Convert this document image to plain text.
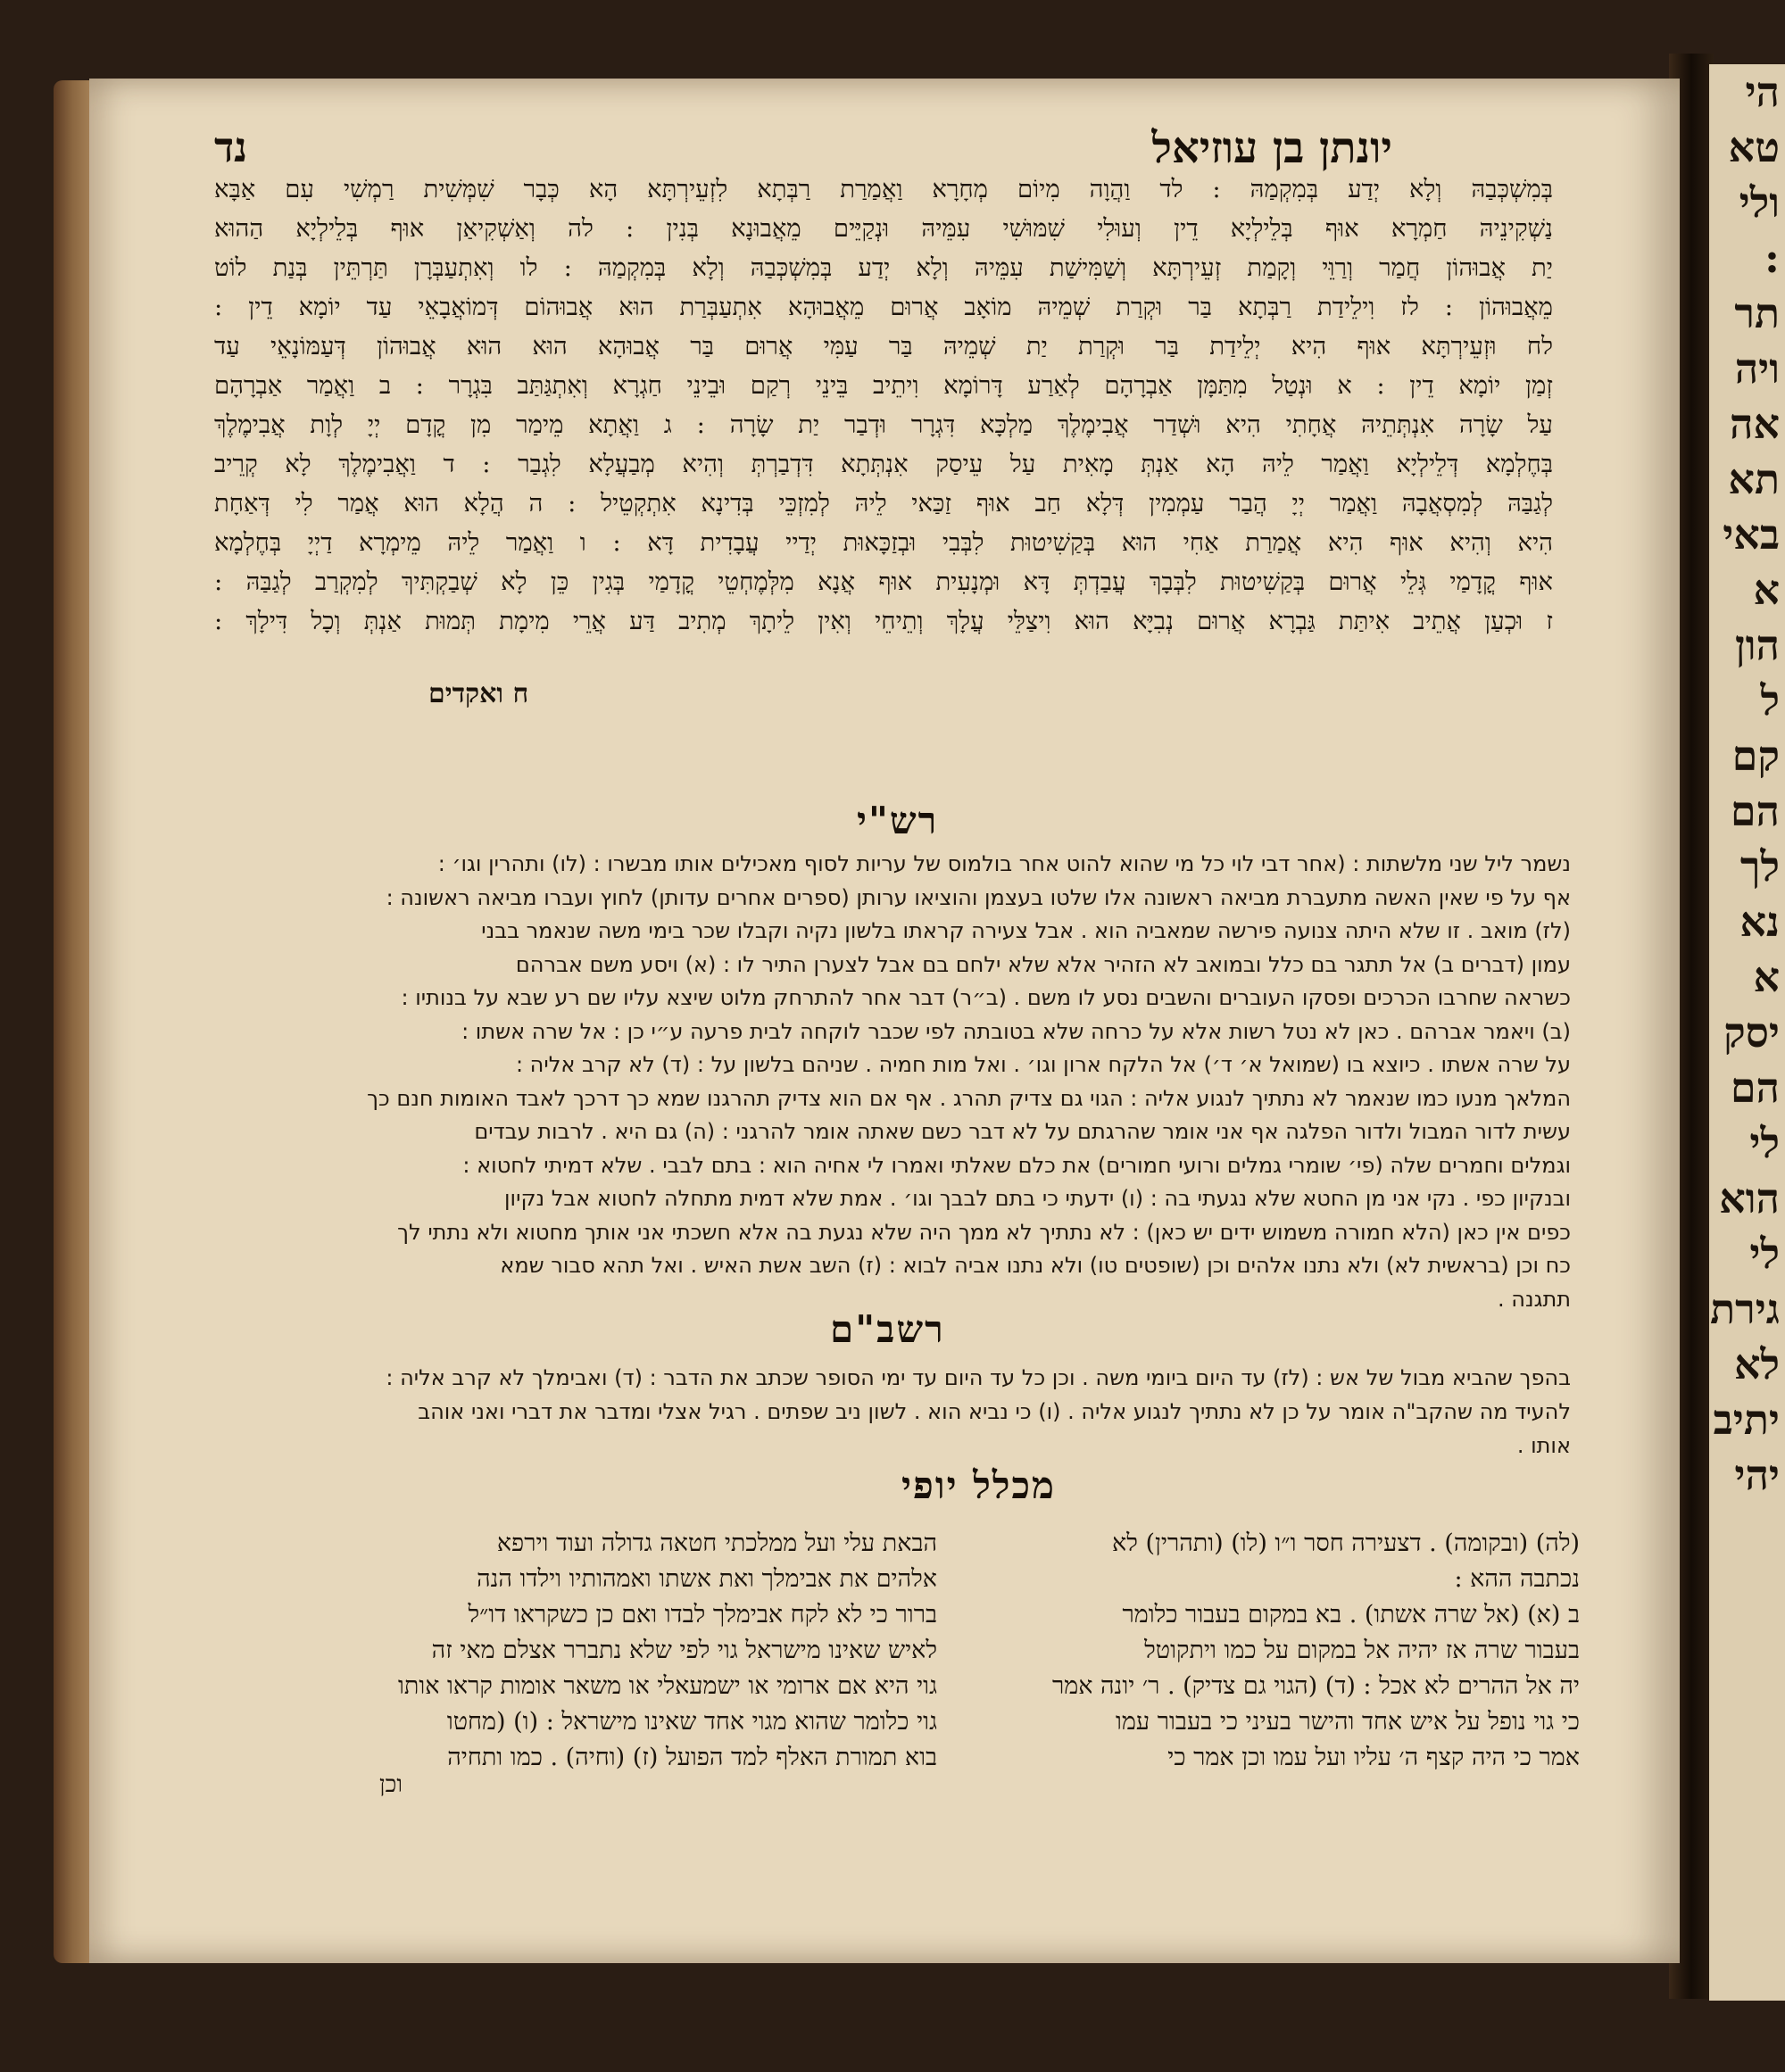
הי
טא
ולי
:
תר
ויה
אה
תא
באי
א
הון
ל
קם
הם
לך
נא
א
יסק
הם
לי
הוא
לי
גירת
לא
יתיב
יהי
יונתן בן עוזיאל
נד
בְּמִשְׁכְּבַהּ וְלָא יְדַע בְּמִקְמַהּ : לד וַהֲוָה מִיוֹם מְחָרָא וַאֲמַרַת רַבְּתָא לִזְעֵירְתָּא הָא כְּבָר שִׁמְּשִׁית רַמְשִׁי עִם אַבָּא
נַשְׁקִינֵיהּ חַמְרָא אוּף בְּלֵילְיָא דֵין וְעוּלִי שִׁמּוּשִׁי עִמֵּיהּ וּנְקַיֵּים מֵאֲבוּנָא בְּנִין : לה וְאַשְׁקִיאַן אוּף בְּלֵילְיָא הַהוּא
יַת אֲבוּהוֹן חֲמַר וְרַוֵּי וְקָמַת זְעֵירְתָּא וְשַׁמִּישַׁת עִמֵּיהּ וְלָא יְדַע בְּמִשְׁכְּבַהּ וְלָא בְּמִקְמַהּ : לו וְאִתְעַבְּרָן תַּרְתֵּין בְּנַת לוֹט
מֵאֲבוּהוֹן : לז וִילֵידַת רַבְּתָא בַּר וּקְרַת שְׁמֵיהּ מוֹאָב אֲרוּם מֵאֲבוּהָא אִתְעַבְּרַת הוּא אֲבוּהוֹם דְּמוֹאֲבָאֵי עַד יוֹמָא דֵין :
לח וּזְעֵירְתָּא אוּף הִיא יְלֵידַת בַּר וּקְרַת יַת שְׁמֵיהּ בַּר עַמִּי אֲרוּם בַּר אֲבוּהָא הוּא הוּא אֲבוּהוֹן דְּעַמּוֹנָאֵי עַד
זְמַן יוֹמָא דֵין : א וּנְטַל מִתַּמָּן אַבְרָהָם לְאַרַע דָּרוֹמָא וִיתֵיב בֵּינֵי רְקַם וּבֵינֵי חַגְרָא וְאִתְגַּתַּב בִּגְרָר : ב וַאֲמַר אַבְרָהָם
עַל שָׂרָה אִנְתְּתֵיהּ אֲחָתִי הִיא וּשְׁדַר אֲבִימֶלֶךְ מַלְכָּא דִּגְרָר וּדְבַר יַת שָׂרָה : ג וַאֲתָא מֵימַר מִן קֳדָם יְיָ לְוָת אֲבִימֶלֶךְ
בְּחֶלְמָא דְּלֵילְיָא וַאֲמַר לֵיהּ הָא אַנְתְּ מָאִית עַל עֵיסַק אִנְתְּתָא דִּדְבַרְתְּ וְהִיא מְבַעֲלָא לִגְבַר : ד וַאֲבִימֶלֶךְ לָא קְרֵיב
לְגַבַּהּ לְמִסְאֲבָהּ וַאֲמַר יְיָ הֲבַר עַמְמִין דְּלָא חַב אוּף זַכַּאי לֵיהּ לְמִזְכֵּי בְּדִינָא אִתְקְטֵיל : ה הֲלָא הוּא אֲמַר לִי דְּאַחָת
הִיא וְהִיא אוּף הִיא אֲמַרַת אַחִי הוּא בְּקַשִׁיטוּת לִבְּבִי וּבְזַכָּאוּת יְדַיי עֲבָדִית דָּא : ו וַאֲמַר לֵיהּ מֵימְרָא דַיְיָ בְּחֶלְמָא
אוּף קֳדָמַי גְּלֵי אֲרוּם בְּקַשִׁיטוּת לִבְּבָךְ עֲבַדְתְּ דָּא וּמְנָעִית אוּף אֲנָא מִלְּמֶחְטֵי קֳדָמַי בְּגִין כֵּן לָא שְׁבַקְתִּיךְ לְמִקְרַב לְגַבַּהּ :
ז וּכְעַן אֲתֵיב אִיתַּת גַּבְרָא אֲרוּם נְבִיָּא הוּא וִיצַלֵּי עֲלָךְ וְתֵיחֵי וְאִין לֵיתָךְ מְתִיב דַּע אֲרֵי מִימָת תְּמוּת אַנְתְּ וְכָל דִּילָךְ :
ח ואקדים
רש"י
נשמר ליל שני מלשתות : (אחר דבי לוי כל מי שהוא להוט אחר בולמוס של עריות לסוף מאכילים אותו מבשרו : (לו) ותהרין וגו׳ :
אף על פי שאין האשה מתעברת מביאה ראשונה אלו שלטו בעצמן והוציאו ערותן (ספרים אחרים עדותן) לחוץ ועברו מביאה ראשונה :
(לז) מואב . זו שלא היתה צנועה פירשה שמאביה הוא . אבל צעירה קראתו בלשון נקיה וקבלו שכר בימי משה שנאמר בבני
עמון (דברים ב) אל תתגר בם כלל ובמואב לא הזהיר אלא שלא ילחם בם אבל לצערן התיר לו : (א) ויסע משם אברהם
כשראה שחרבו הכרכים ופסקו העוברים והשבים נסע לו משם . (ב״ר) דבר אחר להתרחק מלוט שיצא עליו שם רע שבא על בנותיו :
(ב) ויאמר אברהם . כאן לא נטל רשות אלא על כרחה שלא בטובתה לפי שכבר לוקחה לבית פרעה ע״י כן : אל שרה אשתו :
על שרה אשתו . כיוצא בו (שמואל א׳ ד׳) אל הלקח ארון וגו׳ . ואל מות חמיה . שניהם בלשון על : (ד) לא קרב אליה :
המלאך מנעו כמו שנאמר לא נתתיך לנגוע אליה : הגוי גם צדיק תהרג . אף אם הוא צדיק תהרגנו שמא כך דרכך לאבד האומות חנם כך
עשית לדור המבול ולדור הפלגה אף אני אומר שהרגתם על לא דבר כשם שאתה אומר להרגני : (ה) גם היא . לרבות עבדים
וגמלים וחמרים שלה (פי׳ שומרי גמלים ורועי חמורים) את כלם שאלתי ואמרו לי אחיה הוא : בתם לבבי . שלא דמיתי לחטוא :
ובנקיון כפי . נקי אני מן החטא שלא נגעתי בה : (ו) ידעתי כי בתם לבבך וגו׳ . אמת שלא דמית מתחלה לחטוא אבל נקיון
כפים אין כאן (הלא חמורה משמוש ידים יש כאן) : לא נתתיך לא ממך היה שלא נגעת בה אלא חשכתי אני אותך מחטוא ולא נתתי לך
כח וכן (בראשית לא) ולא נתנו אלהים וכן (שופטים טו) ולא נתנו אביה לבוא : (ז) השב אשת האיש . ואל תהא סבור שמא
תתגנה .
רשב"ם
בהפך שהביא מבול של אש : (לז) עד היום ביומי משה . וכן כל עד היום עד ימי הסופר שכתב את הדבר : (ד) ואבימלך לא קרב אליה :
להעיד מה שהקב"ה אומר על כן לא נתתיך לנגוע אליה . (ו) כי נביא הוא . לשון ניב שפתים . רגיל אצלי ומדבר את דברי ואני אוהב
אותו .
מכלל יופי
(לה) (ובקומה) . דצעירה חסר ו״ו (לו) (ותהרין) לא
נכתבה ההא :
ב (א) (אל שרה אשתו) . בא במקום בעבור כלומר
בעבור שרה אז יהיה אל במקום על כמו ויתקוטל
יה אל ההרים לא אכל : (ד) (הגוי גם צדיק) . ר׳ יונה אמר
כי גוי נופל על איש אחד והישר בעיני כי בעבור עמו
אמר כי היה קצף ה׳ עליו ועל עמו וכן אמר כי
הבאת עלי ועל ממלכתי חטאה גדולה ועוד וירפא
אלהים את אבימלך ואת אשתו ואמהותיו וילדו הנה
ברור כי לא לקח אבימלך לבדו ואם כן כשקראו דו״ל
לאיש שאינו מישראל גוי לפי שלא נתברר אצלם מאי זה
גוי היא אם ארומי או ישמעאלי או משאר אומות קראו אותו
גוי כלומר שהוא מגוי אחד שאינו מישראל : (ו) (מחטו
בוא תמורת האלף למד הפועל (ז) (וחיה) . כמו ותחיה
וכן
